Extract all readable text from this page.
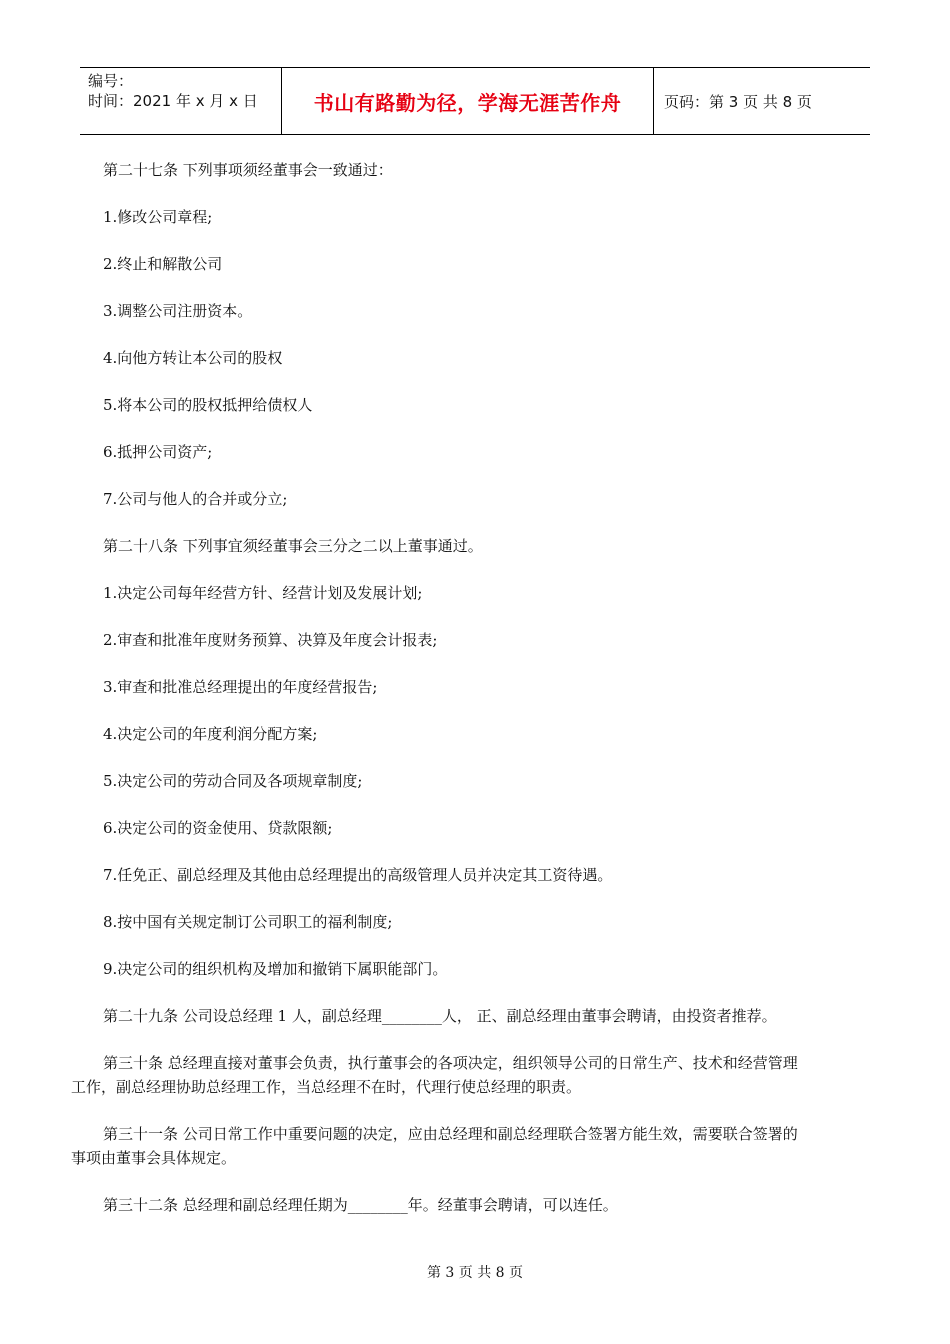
编号：
时间：2021 年 x 月 x 日	书山有路勤为径，学海无涯苦作舟	页码：第 3 页 共 8 页

第二十七条 下列事项须经董事会一致通过：

1.修改公司章程;

2.终止和解散公司

3.调整公司注册资本。

4.向他方转让本公司的股权

5.将本公司的股权抵押给债权人

6.抵押公司资产;

7.公司与他人的合并或分立;

第二十八条 下列事宜须经董事会三分之二以上董事通过。

1.决定公司每年经营方针、经营计划及发展计划;

2.审查和批准年度财务预算、决算及年度会计报表;

3.审查和批准总经理提出的年度经营报告;

4.决定公司的年度利润分配方案;

5.决定公司的劳动合同及各项规章制度;

6.决定公司的资金使用、贷款限额;

7.任免正、副总经理及其他由总经理提出的高级管理人员并决定其工资待遇。

8.按中国有关规定制订公司职工的福利制度;

9.决定公司的组织机构及增加和撤销下属职能部门。

第二十九条 公司设总经理 1 人，副总经理________人， 正、副总经理由董事会聘请，由投资者推荐。

第三十条 总经理直接对董事会负责，执行董事会的各项决定，组织领导公司的日常生产、技术和经营管理

工作，副总经理协助总经理工作，当总经理不在时，代理行使总经理的职责。

第三十一条 公司日常工作中重要问题的决定，应由总经理和副总经理联合签署方能生效，需要联合签署的

事项由董事会具体规定。

第三十二条 总经理和副总经理任期为________年。经董事会聘请，可以连任。

第 3 页 共 8 页
